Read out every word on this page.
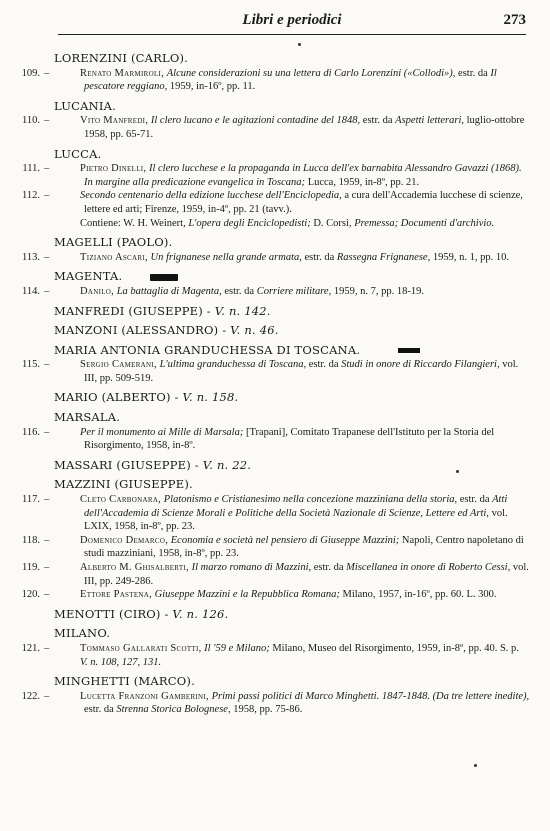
Libri e periodici	273
LORENZINI (CARLO).
109. –	Renato Marmiroli, Alcune considerazioni su una lettera di Carlo Lorenzini («Collodi»), estr. da Il pescatore reggiano, 1959, in-16º, pp. 11.
LUCANIA.
110. –	Vito Manfredi, Il clero lucano e le agitazioni contadine del 1848, estr. da Aspetti letterari, luglio-ottobre 1958, pp. 65-71.
LUCCA.
111. –	Pietro Dinelli, Il clero lucchese e la propaganda in Lucca dell'ex barnabita Alessandro Gavazzi (1868). In margine alla predicazione evangelica in Toscana; Lucca, 1959, in-8º, pp. 21.
112. –	Secondo centenario della edizione lucchese dell'Enciclopedia, a cura dell'Accademia lucchese di scienze, lettere ed arti; Firenze, 1959, in-4º, pp. 21 (tavv.).
Contiene: W. H. Weinert, L'opera degli Enciclopedisti; D. Corsi, Premessa; Documenti d'archivio.
MAGELLI (PAOLO).
113. –	Tiziano Ascari, Un frignanese nella grande armata, estr. da Rassegna Frignanese, 1959, n. 1, pp. 10.
MAGENTA.
114. –	Danilo, La battaglia di Magenta, estr. da Corriere militare, 1959, n. 7, pp. 18-19.
MANFREDI (GIUSEPPE) - V. n. 142.
MANZONI (ALESSANDRO) - V. n. 46.
MARIA ANTONIA GRANDUCHESSA DI TOSCANA.
115. –	Sergio Camerani, L'ultima granduchessa di Toscana, estr. da Studi in onore di Riccardo Filangieri, vol. III, pp. 509-519.
MARIO (ALBERTO) - V. n. 158.
MARSALA.
116. –	Per il monumento ai Mille di Marsala; [Trapani], Comitato Trapanese dell'Istituto per la Storia del Risorgimento, 1958, in-8º.
MASSARI (GIUSEPPE) - V. n. 22.
MAZZINI (GIUSEPPE).
117. –	Cleto Carbonara, Platonismo e Cristianesimo nella concezione mazziniana della storia, estr. da Atti dell'Accademia di Scienze Morali e Politiche della Società Nazionale di Scienze, Lettere ed Arti, vol. LXIX, 1958, in-8º, pp. 23.
118. –	Domenico Demarco, Economia e società nel pensiero di Giuseppe Mazzini; Napoli, Centro napoletano di studi mazziniani, 1958, in-8º, pp. 23.
119. –	Alberto M. Ghisalberti, Il marzo romano di Mazzini, estr. da Miscellanea in onore di Roberto Cessi, vol. III, pp. 249-286.
120. –	Ettore Pastena, Giuseppe Mazzini e la Repubblica Romana; Milano, 1957, in-16º, pp. 60. L. 300.
MENOTTI (CIRO) - V. n. 126.
MILANO.
121. –	Tommaso Gallarati Scotti, Il '59 e Milano; Milano, Museo del Risorgimento, 1959, in-8º, pp. 40. S. p.
V. n. 108, 127, 131.
MINGHETTI (MARCO).
122. –	Lucetta Franzoni Gamberini, Primi passi politici di Marco Minghetti. 1847-1848. (Da tre lettere inedite), estr. da Strenna Storica Bolognese, 1958, pp. 75-86.
